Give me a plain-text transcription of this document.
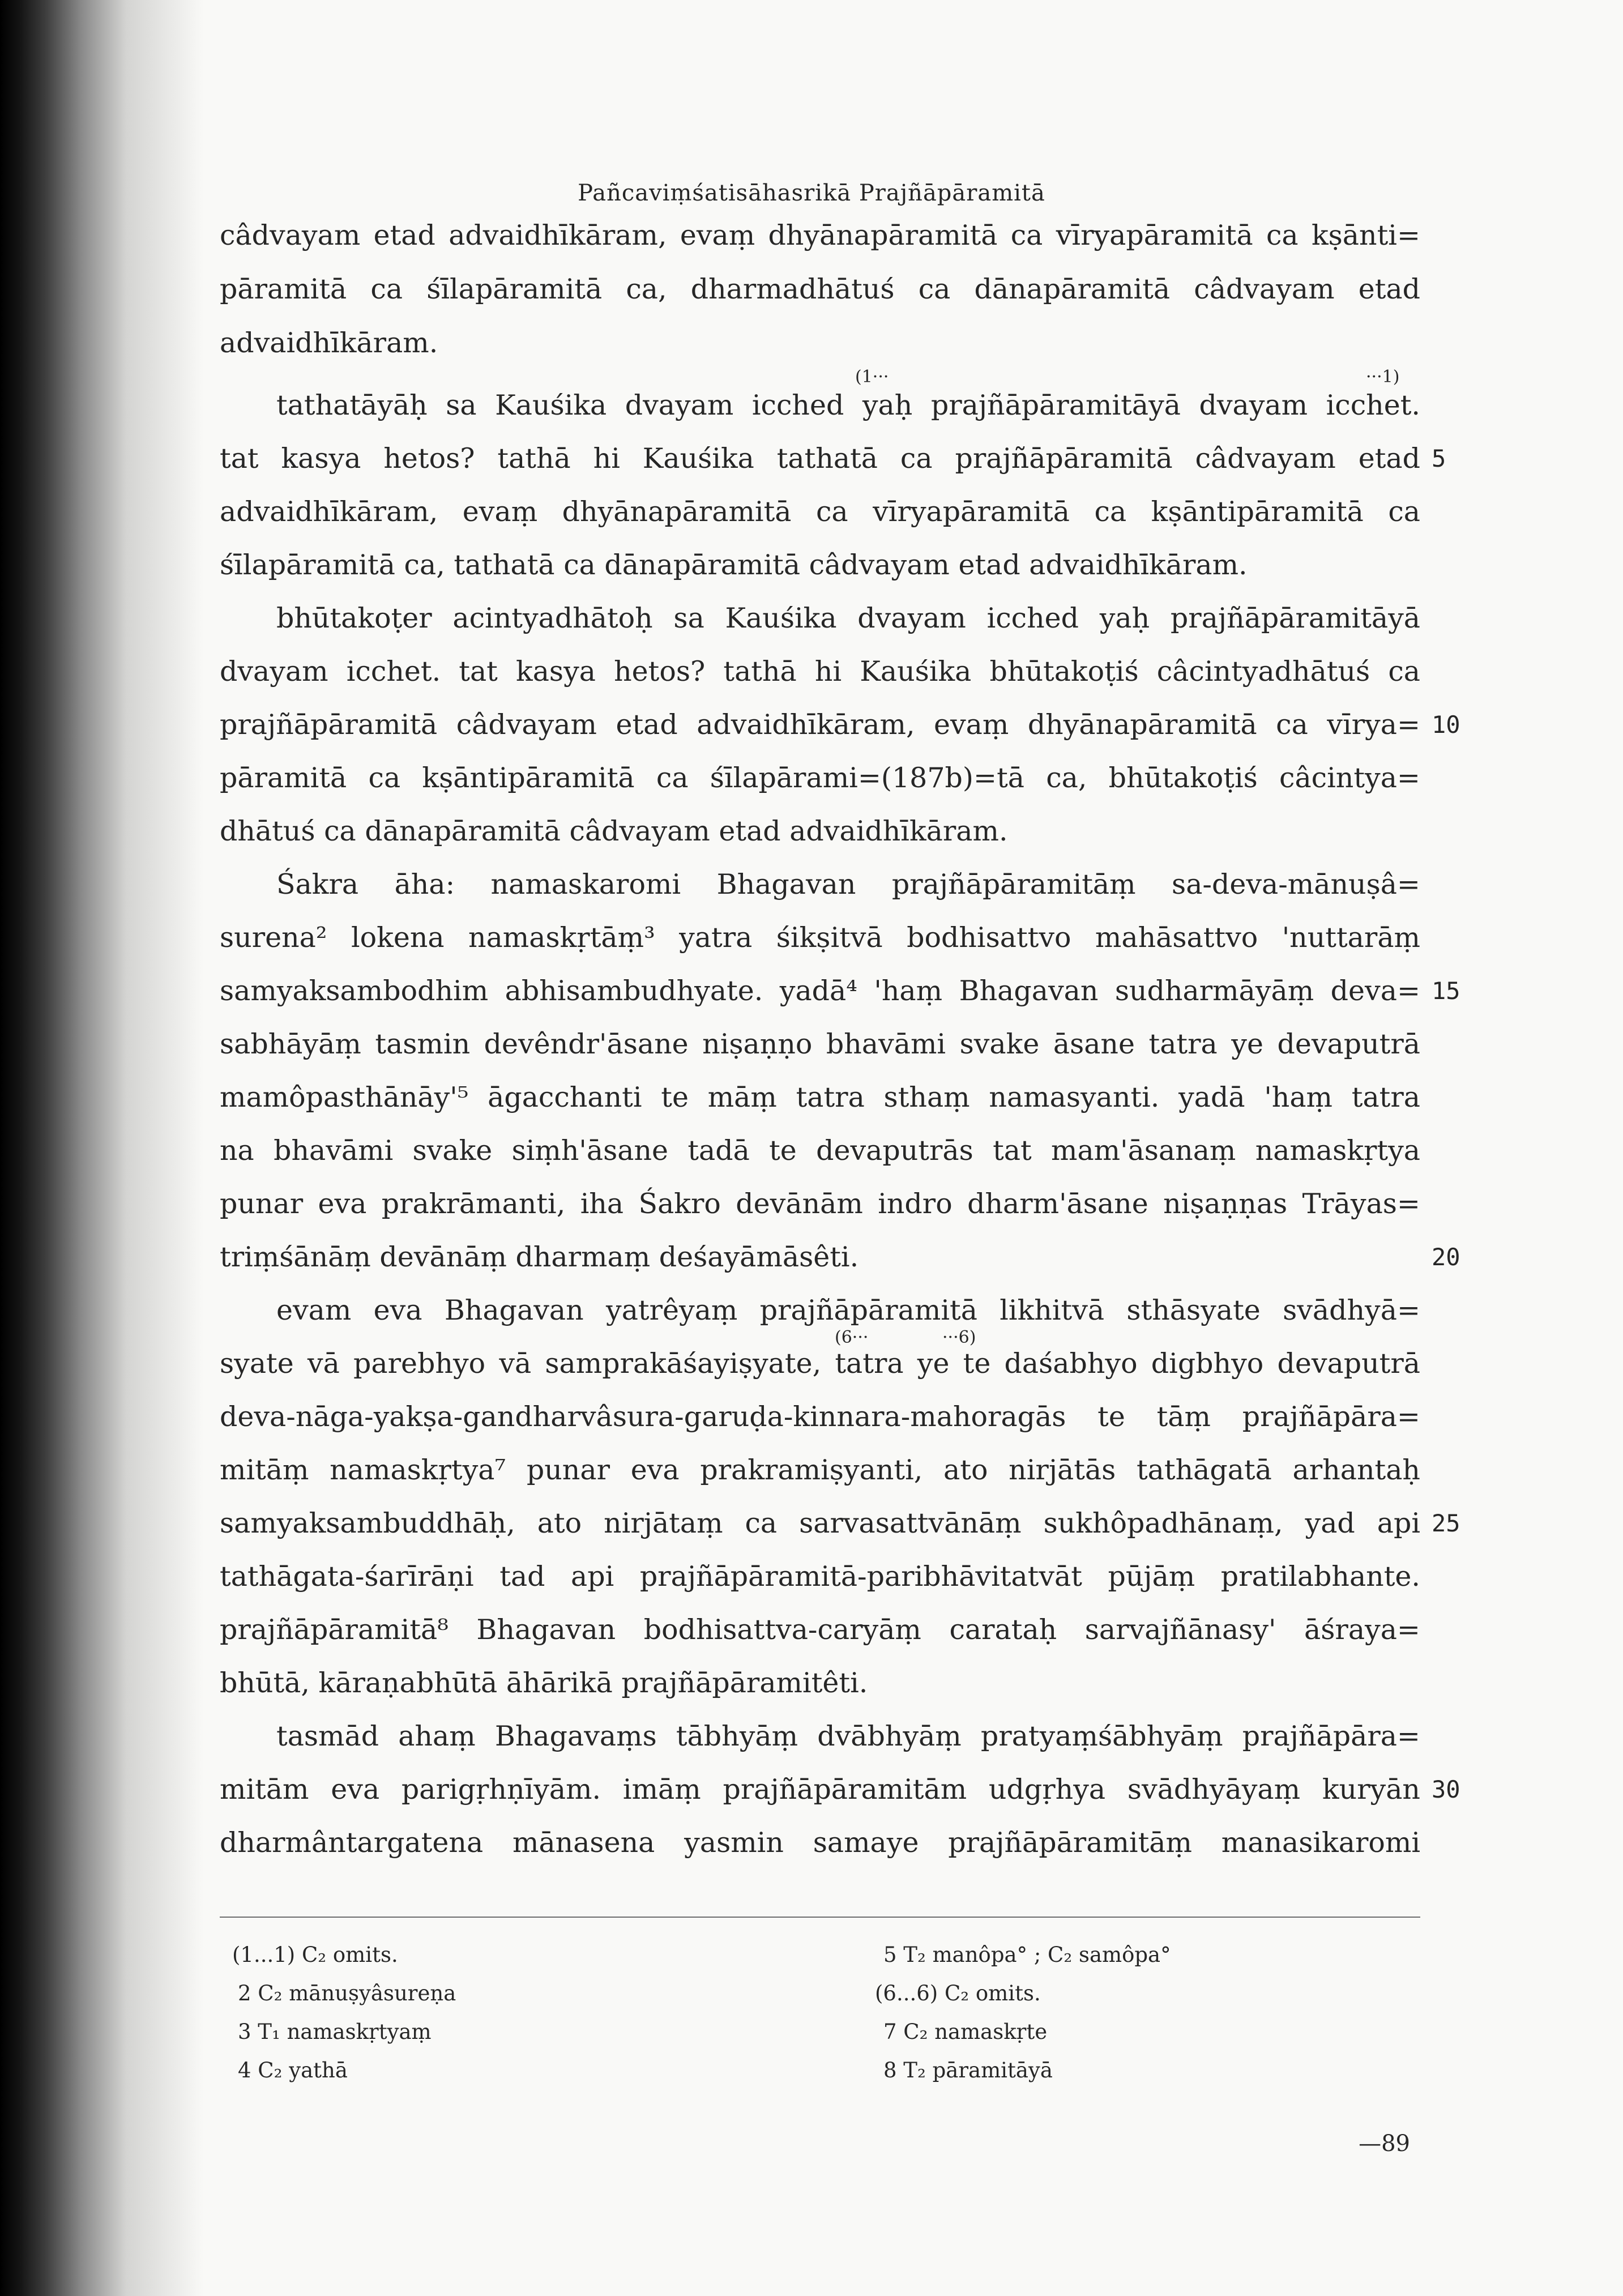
Pañcaviṃśatisāhasrikā Prajñāpāramitā
câdvayam etad advaidhīkāram, evaṃ dhyānapāramitā ca vīryapāramitā ca kṣānti=
pāramitā ca śīlapāramitā ca, dharmadhātuś ca dānapāramitā câdvayam etad
advaidhīkāram.
tathatāyāḥ sa Kauśika dvayam icched yaḥ prajñāpāramitāyā dvayam icchet.
tat kasya hetos? tathā hi Kauśika tathatā ca prajñāpāramitā câdvayam etad
advaidhīkāram, evaṃ dhyānapāramitā ca vīryapāramitā ca kṣāntipāramitā ca
śīlapāramitā ca, tathatā ca dānapāramitā câdvayam etad advaidhīkāram.
bhūtakoṭer acintyadhātoḥ sa Kauśika dvayam icched yaḥ prajñāpāramitāyā
dvayam icchet. tat kasya hetos? tathā hi Kauśika bhūtakoṭiś câcintyadhātuś ca
prajñāpāramitā câdvayam etad advaidhīkāram, evaṃ dhyānapāramitā ca vīrya=
pāramitā ca kṣāntipāramitā ca śīlapārami=(187b)=tā ca, bhūtakoṭiś câcintya=
dhātuś ca dānapāramitā câdvayam etad advaidhīkāram.
Śakra āha: namaskaromi Bhagavan prajñāpāramitāṃ sa-deva-mānuṣâ=
surena² lokena namaskṛtāṃ³ yatra śikṣitvā bodhisattvo mahāsattvo 'nuttarāṃ
samyaksambodhim abhisambudhyate. yadā⁴ 'haṃ Bhagavan sudharmāyāṃ deva=
sabhāyāṃ tasmin devêndr'āsane niṣaṇṇo bhavāmi svake āsane tatra ye devaputrā
mamôpasthānāy'⁵ āgacchanti te māṃ tatra sthaṃ namasyanti. yadā 'haṃ tatra
na bhavāmi svake siṃh'āsane tadā te devaputrās tat mam'āsanaṃ namaskṛtya
punar eva prakrāmanti, iha Śakro devānām indro dharm'āsane niṣaṇṇas Trāyas=
triṃśānāṃ devānāṃ dharmaṃ deśayāmāsêti.
evam eva Bhagavan yatrêyaṃ prajñāpāramitā likhitvā sthāsyate svādhyā=
syate vā parebhyo vā samprakāśayiṣyate, tatra ye te daśabhyo digbhyo devaputrā
deva-nāga-yakṣa-gandharvâsura-garuḍa-kinnara-mahoragās te tāṃ prajñāpāra=
mitāṃ namaskṛtya⁷ punar eva prakramiṣyanti, ato nirjātās tathāgatā arhantaḥ
samyaksambuddhāḥ, ato nirjātaṃ ca sarvasattvānāṃ sukhôpadhānaṃ, yad api
tathāgata-śarīrāṇi tad api prajñāpāramitā-paribhāvitatvāt pūjāṃ pratilabhante.
prajñāpāramitā⁸ Bhagavan bodhisattva-caryāṃ carataḥ sarvajñānasy' āśraya=
bhūtā, kāraṇabhūtā āhārikā prajñāpāramitêti.
tasmād ahaṃ Bhagavaṃs tābhyāṃ dvābhyāṃ pratyaṃśābhyāṃ prajñāpāra=
mitām eva parigṛhṇīyām. imāṃ prajñāpāramitām udgṛhya svādhyāyaṃ kuryān
dharmântargatena mānasena yasmin samaye prajñāpāramitāṃ manasikaromi
(1···	···1)
(6···	···6)
5
10
15
20
25
30
(1...1) C₂ omits.
2 C₂ mānuṣyâsureṇa
3 T₁ namaskṛtyaṃ
4 C₂ yathā
5 T₂ manôpa° ; C₂ samôpa°
(6...6) C₂ omits.
7 C₂ namaskṛte
8 T₂ pāramitāyā
—89
